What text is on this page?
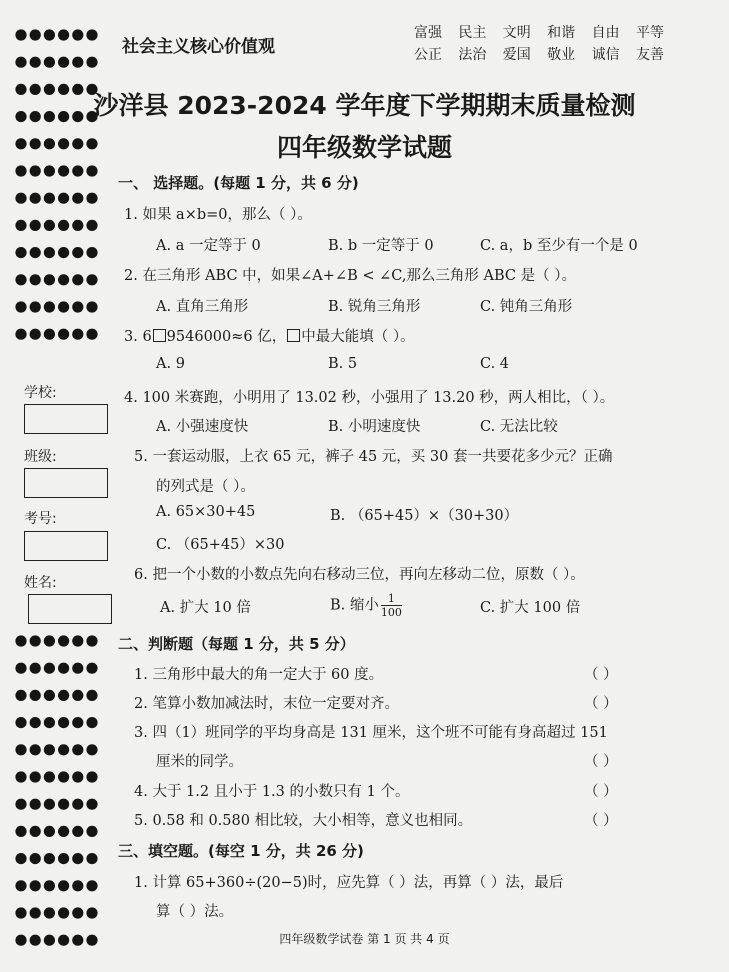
学校:
班级:
考号:
姓名:
社会主义核心价值观
富强 民主 文明 和谐 自由 平等
公正 法治 爱国 敬业 诚信 友善
沙洋县 2023-2024 学年度下学期期末质量检测
四年级数学试题
一、 选择题。(每题 1 分，共 6 分)
1. 如果 a×b=0，那么（ ）。
A. a 一定等于 0	B. b 一定等于 0	C. a，b 至少有一个是 0
2. 在三角形 ABC 中，如果∠A+∠B < ∠C,那么三角形 ABC 是（ ）。
A. 直角三角形	B. 锐角三角形	C. 钝角三角形
3. 6 9546000≈6 亿， 中最大能填（ ）。
A. 9	B. 5	C. 4
4. 100 米赛跑，小明用了 13.02 秒，小强用了 13.20 秒，两人相比，（ ）。
A. 小强速度快	B. 小明速度快	C. 无法比较
5. 一套运动服，上衣 65 元，裤子 45 元，买 30 套一共要花多少元？正确
的列式是（ ）。
A. 65×30+45	B. （65+45）×（30+30）
C. （65+45）×30
6. 把一个小数的小数点先向右移动三位，再向左移动二位，原数（ ）。
A. 扩大 10 倍	B. 缩小 $\frac{1}{100}$	C. 扩大 100 倍
二、判断题（每题 1 分，共 5 分）
1. 三角形中最大的角一定大于 60 度。	（ ）
2. 笔算小数加减法时，末位一定要对齐。	（ ）
3. 四（1）班同学的平均身高是 131 厘米，这个班不可能有身高超过 151
厘米的同学。	（ ）
4. 大于 1.2 且小于 1.3 的小数只有 1 个。	（ ）
5. 0.58 和 0.580 相比较，大小相等，意义也相同。	（ ）
三、填空题。(每空 1 分，共 26 分)
1. 计算 65+360÷(20−5)时，应先算（ ）法，再算（ ）法，最后
算（ ）法。
四年级数学试卷 第 1 页 共 4 页
